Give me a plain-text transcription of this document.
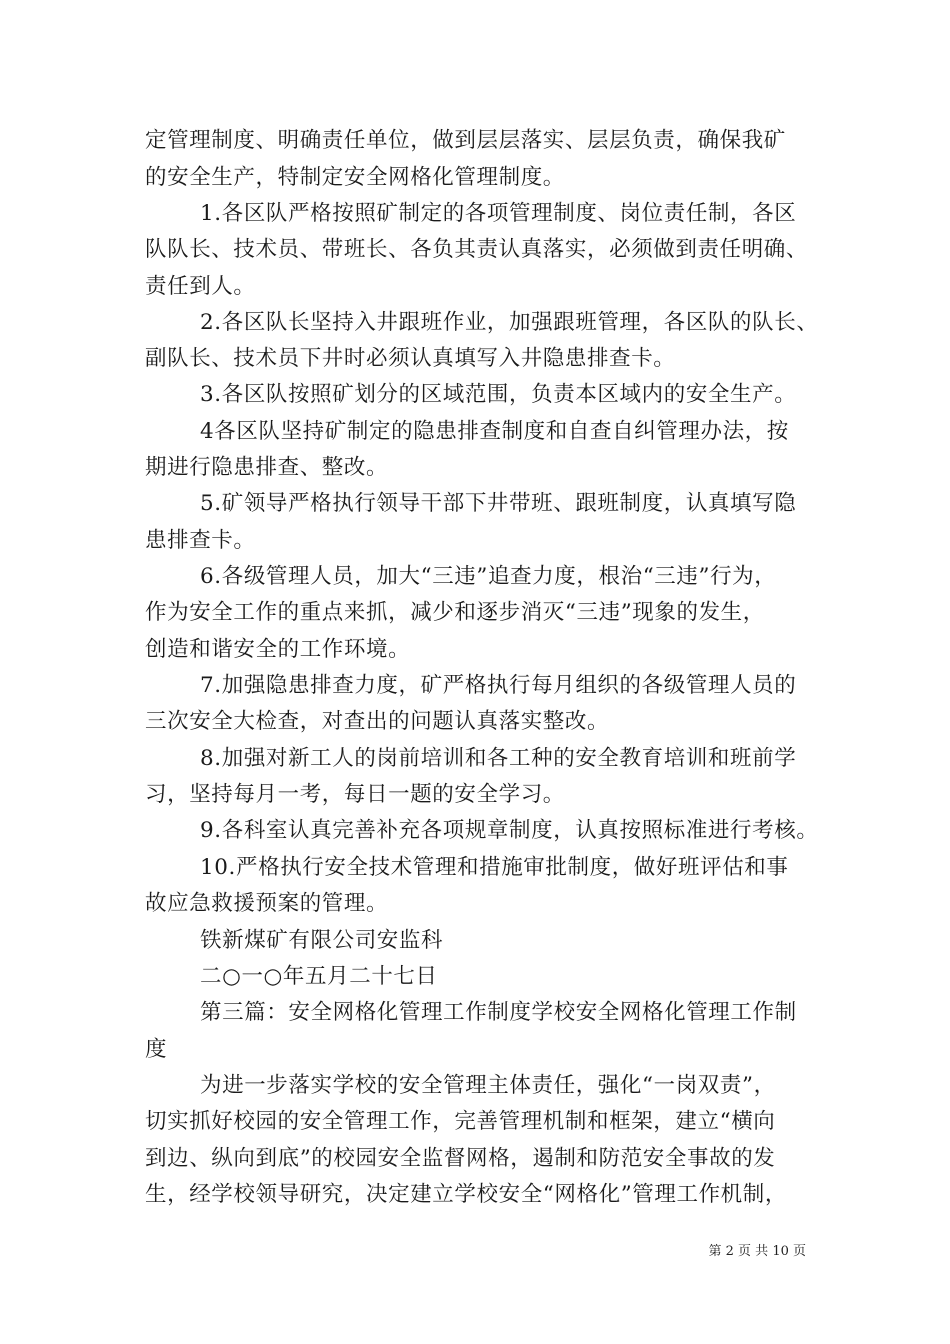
定管理制度、明确责任单位，做到层层落实、层层负责，确保我矿
的安全生产，特制定安全网格化管理制度。
1.各区队严格按照矿制定的各项管理制度、岗位责任制，各区
队队长、技术员、带班长、各负其责认真落实，必须做到责任明确、
责任到人。
2.各区队长坚持入井跟班作业，加强跟班管理，各区队的队长、
副队长、技术员下井时必须认真填写入井隐患排查卡。
3.各区队按照矿划分的区域范围，负责本区域内的安全生产。
4各区队坚持矿制定的隐患排查制度和自查自纠管理办法，按
期进行隐患排查、整改。
5.矿领导严格执行领导干部下井带班、跟班制度，认真填写隐
患排查卡。
6.各级管理人员，加大“三违”追查力度，根治“三违”行为，
作为安全工作的重点来抓，减少和逐步消灭“三违”现象的发生，
创造和谐安全的工作环境。
7.加强隐患排查力度，矿严格执行每月组织的各级管理人员的
三次安全大检查，对查出的问题认真落实整改。
8.加强对新工人的岗前培训和各工种的安全教育培训和班前学
习，坚持每月一考，每日一题的安全学习。
9.各科室认真完善补充各项规章制度，认真按照标准进行考核。
10.严格执行安全技术管理和措施审批制度，做好班评估和事
故应急救援预案的管理。
铁新煤矿有限公司安监科
二○一○年五月二十七日
第三篇：安全网格化管理工作制度学校安全网格化管理工作制
度
为进一步落实学校的安全管理主体责任，强化“一岗双责”，
切实抓好校园的安全管理工作，完善管理机制和框架，建立“横向
到边、纵向到底”的校园安全监督网格，遏制和防范安全事故的发
生，经学校领导研究，决定建立学校安全“网格化”管理工作机制，
第 2 页 共 10 页
